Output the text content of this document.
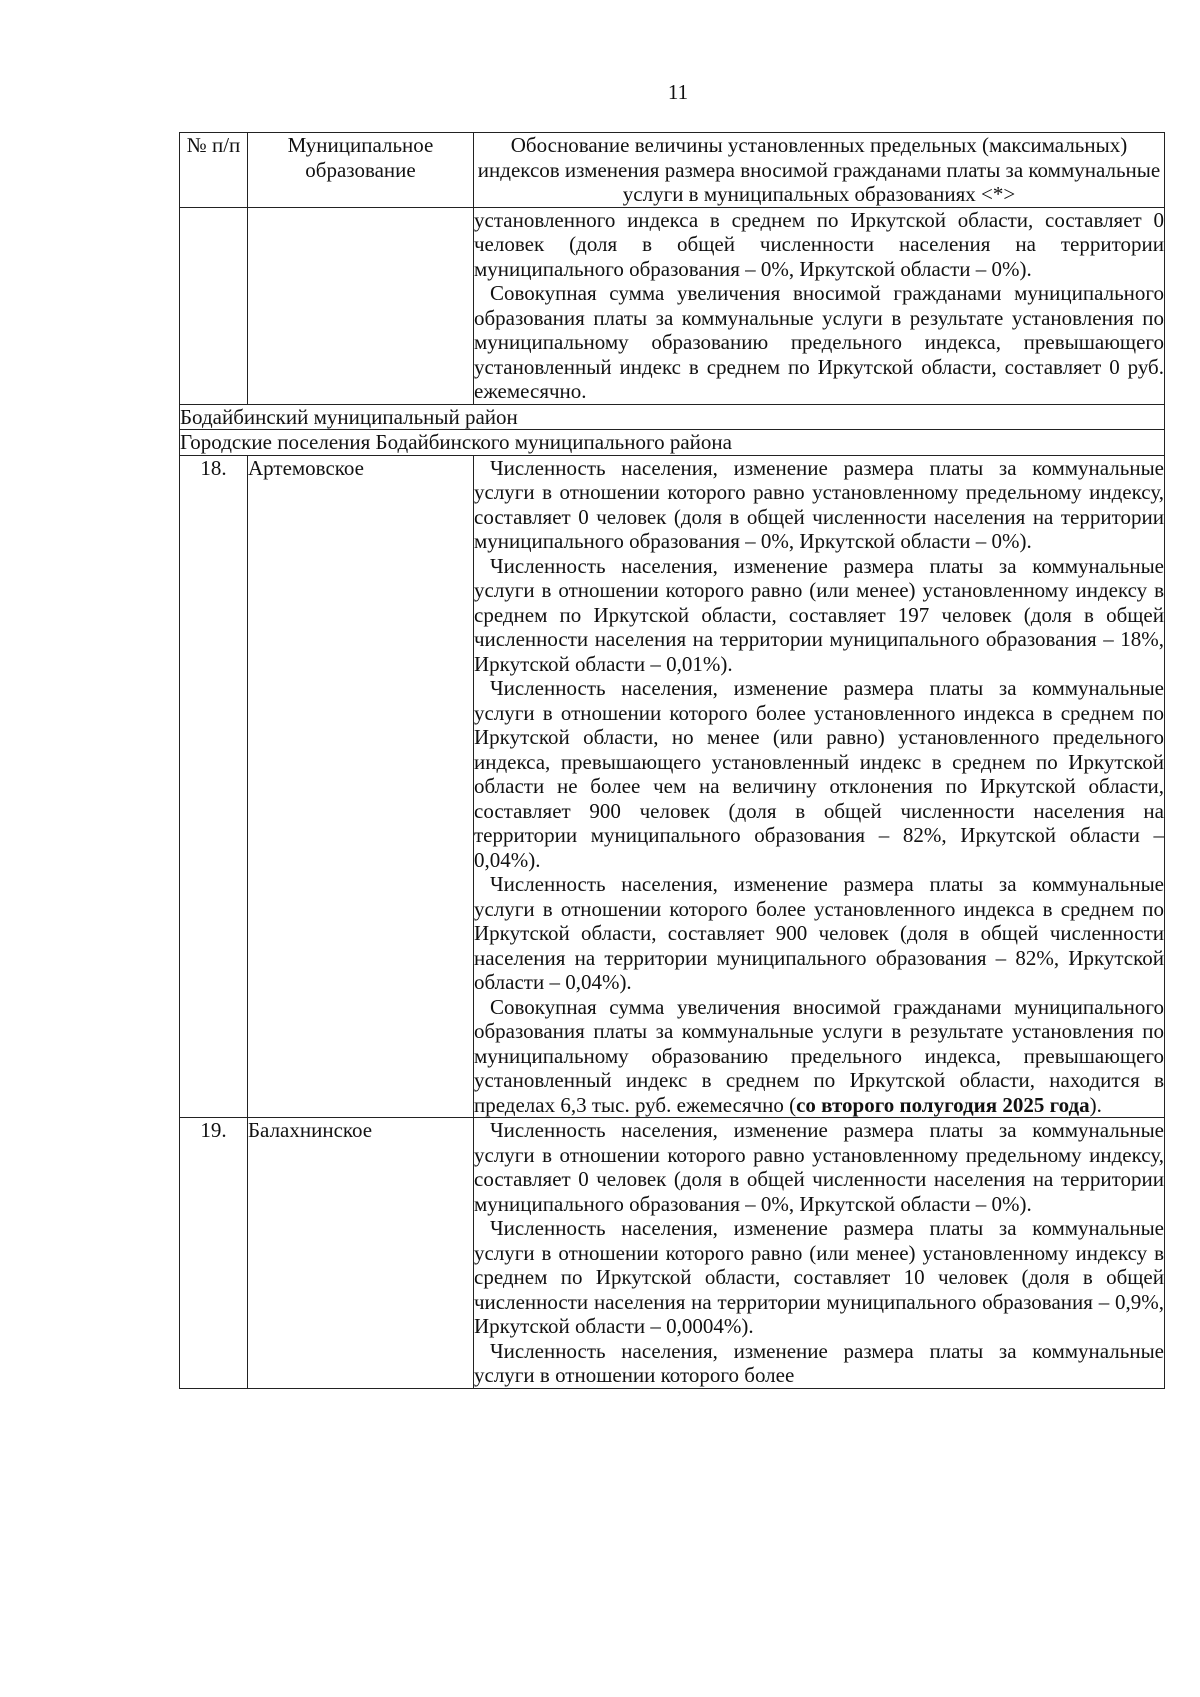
11
№ п/п	Муниципальное образование	Обоснование величины установленных предельных (максимальных) индексов изменения размера вносимой гражданами платы за коммунальные услуги в муниципальных образованиях <*>

		установленного индекса в среднем по Иркутской области, составляет 0 человек (доля в общей численности населения на территории муниципального образования – 0%, Иркутской области – 0%).

Совокупная сумма увеличения вносимой гражданами муниципального образования платы за коммунальные услуги в результате установления по муниципальному образованию предельного индекса, превышающего установленный индекс в среднем по Иркутской области, составляет 0 руб. ежемесячно.

Бодайбинский муниципальный район		
Городские поселения Бодайбинского муниципального района		
18.	Артемовское	Численность населения, изменение размера платы за коммунальные услуги в отношении которого равно установленному предельному индексу, составляет 0 человек (доля в общей численности населения на территории муниципального образования – 0%, Иркутской области – 0%).

Численность населения, изменение размера платы за коммунальные услуги в отношении которого равно (или менее) установленному индексу в среднем по Иркутской области, составляет 197 человек (доля в общей численности населения на территории муниципального образования – 18%, Иркутской области – 0,01%).

Численность населения, изменение размера платы за коммунальные услуги в отношении которого более установленного индекса в среднем по Иркутской области, но менее (или равно) установленного предельного индекса, превышающего установленный индекс в среднем по Иркутской области не более чем на величину отклонения по Иркутской области, составляет 900 человек (доля в общей численности населения на территории муниципального образования – 82%, Иркутской области – 0,04%).

Численность населения, изменение размера платы за коммунальные услуги в отношении которого более установленного индекса в среднем по Иркутской области, составляет 900 человек (доля в общей численности населения на территории муниципального образования – 82%, Иркутской области – 0,04%).

Совокупная сумма увеличения вносимой гражданами муниципального образования платы за коммунальные услуги в результате установления по муниципальному образованию предельного индекса, превышающего установленный индекс в среднем по Иркутской области, находится в пределах 6,3 тыс. руб. ежемесячно (со второго полугодия 2025 года).

19.	Балахнинское	Численность населения, изменение размера платы за коммунальные услуги в отношении которого равно установленному предельному индексу, составляет 0 человек (доля в общей численности населения на территории муниципального образования – 0%, Иркутской области – 0%).

Численность населения, изменение размера платы за коммунальные услуги в отношении которого равно (или менее) установленному индексу в среднем по Иркутской области, составляет 10 человек (доля в общей численности населения на территории муниципального образования – 0,9%, Иркутской области – 0,0004%).

Численность населения, изменение размера платы за коммунальные услуги в отношении которого более
